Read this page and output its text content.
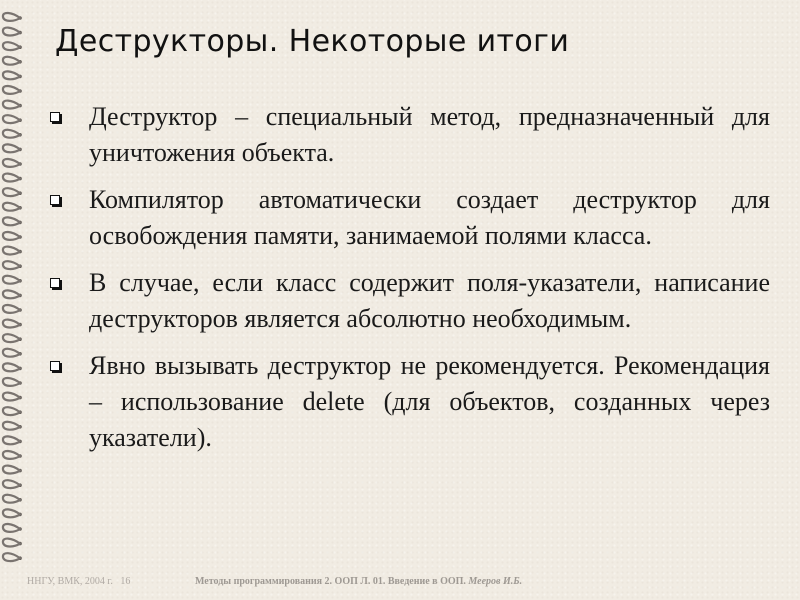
Деструкторы. Некоторые итоги
Деструктор – специальный метод, предназначенный для уничтожения объекта.
Компилятор автоматически создает деструктор для освобождения памяти, занимаемой полями класса.
В случае, если класс содержит поля-указатели, написание деструкторов является абсолютно необходимым.
Явно вызывать деструктор не рекомендуется. Рекомендация – использование delete (для объектов, созданных через указатели).
ННГУ, ВМК, 2004 г. 16	Методы программирования 2. ООП Л. 01. Введение в ООП. Мееров И.Б.
